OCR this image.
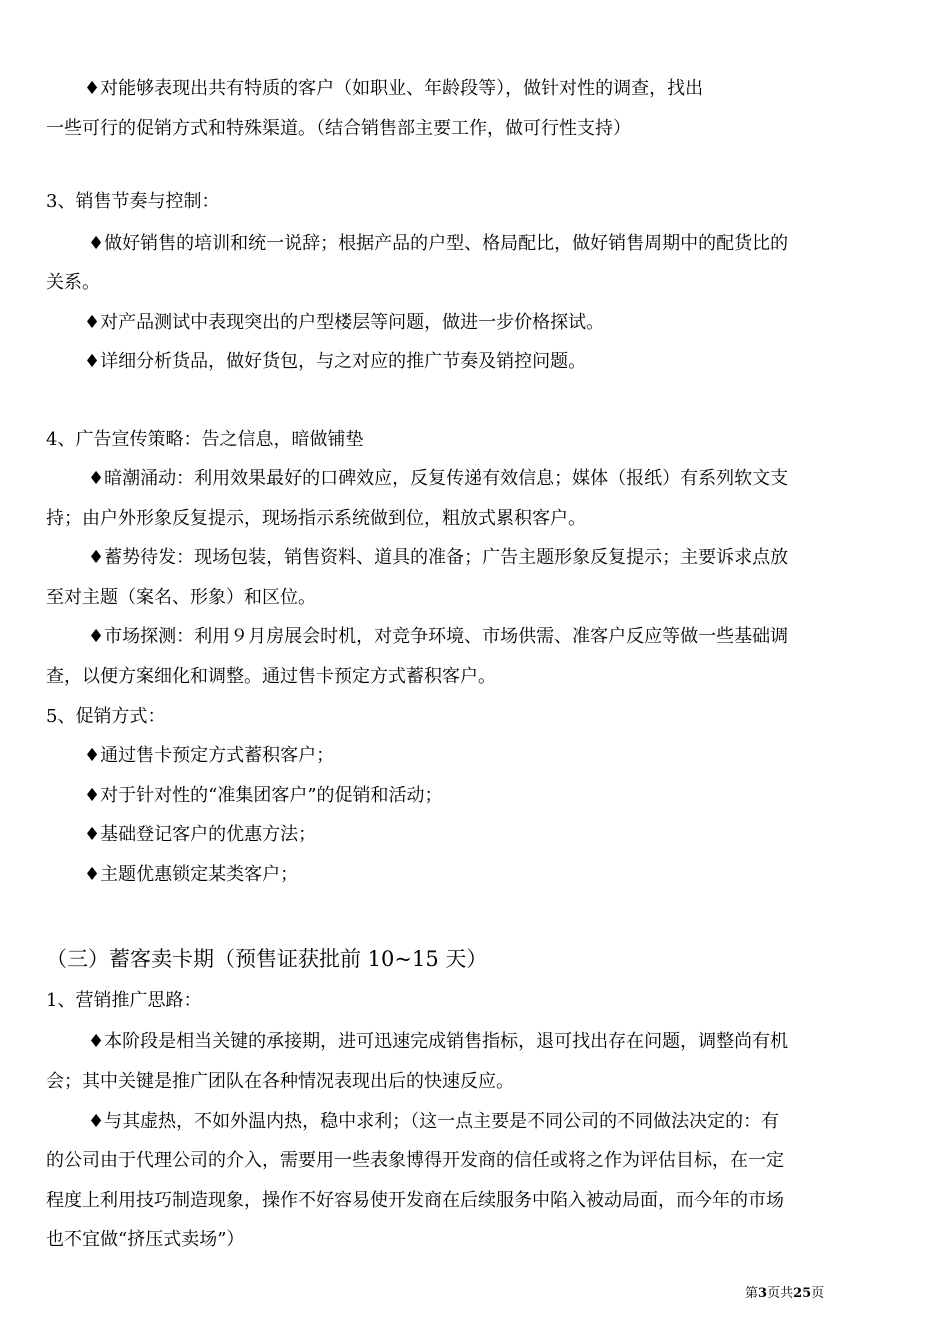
♦对能够表现出共有特质的客户（如职业、年龄段等），做针对性的调查，找出
一些可行的促销方式和特殊渠道。（结合销售部主要工作，做可行性支持）
3、销售节奏与控制：
♦做好销售的培训和统一说辞；根据产品的户型、格局配比，做好销售周期中的配货比的
关系。
♦对产品测试中表现突出的户型楼层等问题，做进一步价格探试。
♦详细分析货品，做好货包，与之对应的推广节奏及销控问题。
4、广告宣传策略：告之信息，暗做铺垫
♦暗潮涌动：利用效果最好的口碑效应，反复传递有效信息；媒体（报纸）有系列软文支
持；由户外形象反复提示，现场指示系统做到位，粗放式累积客户。
♦蓄势待发：现场包装，销售资料、道具的准备；广告主题形象反复提示；主要诉求点放
至对主题（案名、形象）和区位。
♦市场探测：利用９月房展会时机，对竞争环境、市场供需、准客户反应等做一些基础调
查，以便方案细化和调整。通过售卡预定方式蓄积客户。
5、促销方式：
♦通过售卡预定方式蓄积客户；
♦对于针对性的“准集团客户”的促销和活动；
♦基础登记客户的优惠方法；
♦主题优惠锁定某类客户；
（三）蓄客卖卡期（预售证获批前 10~15 天）
1、营销推广思路：
♦本阶段是相当关键的承接期，进可迅速完成销售指标，退可找出存在问题，调整尚有机
会；其中关键是推广团队在各种情况表现出后的快速反应。
♦与其虚热，不如外温内热，稳中求利；（这一点主要是不同公司的不同做法决定的：有
的公司由于代理公司的介入，需要用一些表象博得开发商的信任或将之作为评估目标，在一定
程度上利用技巧制造现象，操作不好容易使开发商在后续服务中陷入被动局面，而今年的市场
也不宜做“挤压式卖场”）
第3页共25页
